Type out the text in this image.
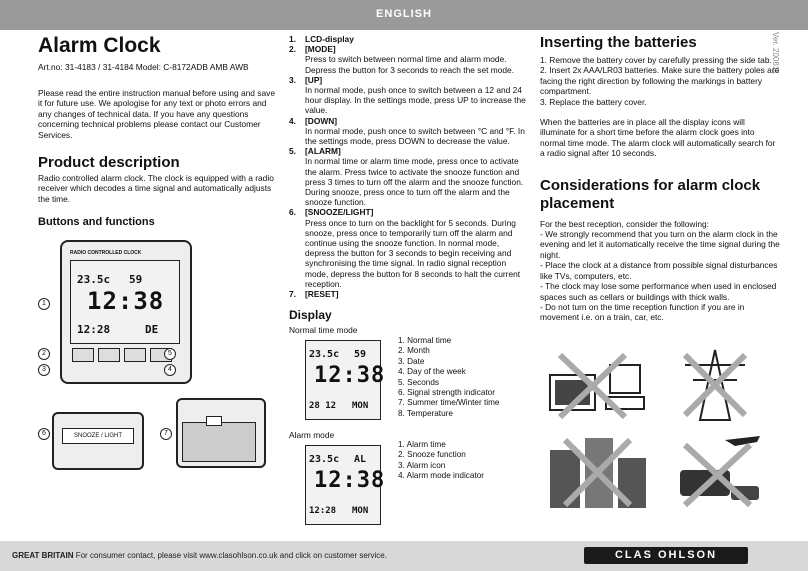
ENGLISH
Ver. 200811
Alarm Clock
Art.no: 31-4183 / 31-4184 Model: C-8172ADB AMB AWB
Please read the entire instruction manual before using and save it for future use. We apologise for any text or photo errors and any changes of technical data. If you have any questions concerning technical problems please contact our Customer Services.
Product description
Radio controlled alarm clock. The clock is equipped with a radio receiver which decodes a time signal and automatically adjusts the time.
Buttons and functions
RADIO CONTROLLED CLOCK
23.5c 59
12:38
12:28	DE
1
2
3	4
5
SNOOZE / LIGHT
6	7
1. LCD-display
2. [MODE]
Press to switch between normal time and alarm mode. Depress the button for 3 seconds to reach the set mode.
3. [UP]
In normal mode, push once to switch between a 12 and 24 hour display. In the settings mode, press UP to increase the value.
4. [DOWN]
In normal mode, push once to switch between °C and °F. In the settings mode, press DOWN to decrease the value.
5. [ALARM]
In normal time or alarm time mode, press once to activate the alarm. Press twice to activate the snooze function and press 3 times to turn off the alarm and the snooze function. During snooze, press once to turn off the alarm and the snooze function.
6. [SNOOZE/LIGHT]
Press once to turn on the backlight for 5 seconds. During snooze, press once to temporarily turn off the alarm and continue using the snooze function. In normal mode, depress the button for 3 seconds to begin receiving and synchronising the time signal. In radio signal reception mode, depress the button for 8 seconds to halt the current reception.
7. [RESET]
Display
Normal time mode
23.5c 59
12:38
28 12 MON
1. Normal time
2. Month
3. Date
4. Day of the week
5. Seconds
6. Signal strength indicator
7. Summer time/Winter time
8. Temperature
Alarm mode
23.5c AL
12:38
12:28 MON
1. Alarm time
2. Snooze function
3. Alarm icon
4. Alarm mode indicator
Inserting the batteries
1. Remove the battery cover by carefully pressing the side tab.
2. Insert 2x AAA/LR03 batteries. Make sure the battery poles are facing the right direction by following the markings in battery compartment.
3. Replace the battery cover.
When the batteries are in place all the display icons will illuminate for a short time before the alarm clock goes into normal time mode. The alarm clock will automatically search for a radio signal after 10 seconds.
Considerations for alarm clock placement
For the best reception, consider the following:
- We strongly recommend that you turn on the alarm clock in the evening and let it automatically receive the time signal during the night.
- Place the clock at a distance from possible signal disturbances like TVs, computers, etc.
- The clock may lose some performance when used in enclosed spaces such as cellars or buildings with thick walls.
- Do not turn on the time reception function if you are in movement i.e. on a train, car, etc.
GREAT BRITAIN For consumer contact, please visit www.clasohlson.co.uk and click on customer service.	CLAS OHLSON
